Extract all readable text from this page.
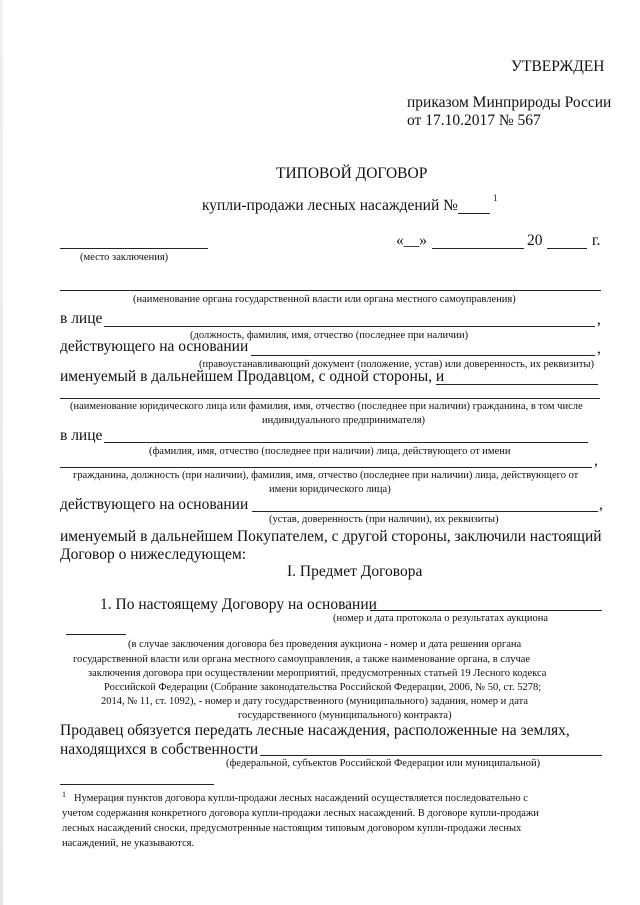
УТВЕРЖДЕН
приказом Минприроды России
от 17.10.2017 № 567
ТИПОВОЙ ДОГОВОР
купли-продажи лесных насаждений №	1
(место заключения)
«__»	20	г.
(наименование органа государственной власти или органа местного самоуправления)
в лице	,
(должность, фамилия, имя, отчество (последнее при наличии)
действующего на основании	,
(правоустанавливающий документ (положение, устав) или доверенность, их реквизиты)
именуемый в дальнейшем Продавцом, с одной стороны, и
(наименование юридического лица или фамилия, имя, отчество (последнее при наличии) гражданина, в том числе
индивидуального предпринимателя)
в лице
(фамилия, имя, отчество (последнее при наличии) лица, действующего от имени
,
гражданина, должность (при наличии), фамилия, имя, отчество (последнее при наличии) лица, действующего от
имени юридического лица)
действующего на основании	,
(устав, доверенность (при наличии), их реквизиты)
именуемый в дальнейшем Покупателем, с другой стороны, заключили настоящий
Договор о нижеследующем:
I. Предмет Договора
1. По настоящему Договору на основании
(номер и дата протокола о результатах аукциона
(в случае заключения договора без проведения аукциона - номер и дата решения органа
государственной власти или органа местного самоуправления, а также наименование органа, в случае
заключения договора при осуществлении мероприятий, предусмотренных статьей 19 Лесного кодекса
Российской Федерации (Собрание законодательства Российской Федерации, 2006, № 50, ст. 5278;
2014, № 11, ст. 1092), - номер и дату государственного (муниципального) задания, номер и дата
государственного (муниципального) контракта)
Продавец обязуется передать лесные насаждения, расположенные на землях,
находящихся в собственности
(федеральной, субъектов Российской Федерации или муниципальной)
1 Нумерация пунктов договора купли-продажи лесных насаждений осуществляется последовательно с
учетом содержания конкретного договора купли-продажи лесных насаждений. В договоре купли-продажи
лесных насаждений сноски, предусмотренные настоящим типовым договором купли-продажи лесных
насаждений, не указываются.
